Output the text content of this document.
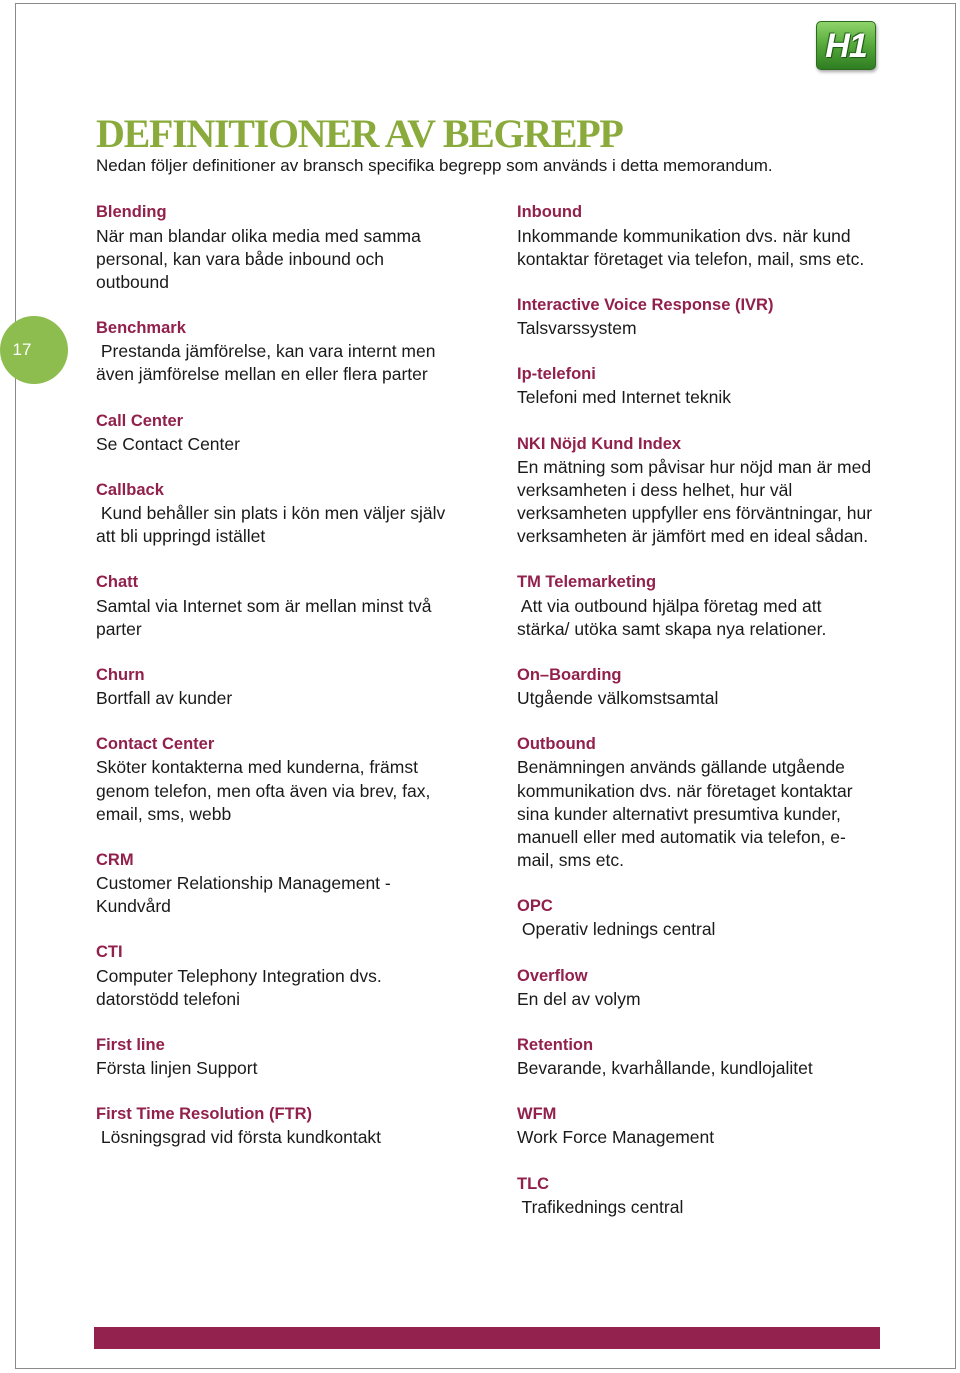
H1
17
DEFINITIONER AV BEGREPP
Nedan följer definitioner av bransch specifika begrepp som används i detta memorandum.
Blending
När man blandar olika media med samma
personal, kan vara både inbound och
outbound
Benchmark
Prestanda jämförelse, kan vara internt men
även jämförelse mellan en eller flera parter
Call Center
Se Contact Center
Callback
Kund behåller sin plats i kön men väljer själv
att bli uppringd istället
Chatt
Samtal via Internet som är mellan minst två
parter
Churn
Bortfall av kunder
Contact Center
Sköter kontakterna med kunderna, främst
genom telefon, men ofta även via brev, fax,
email, sms, webb
CRM
Customer Relationship Management -
Kundvård
CTI
Computer Telephony Integration dvs.
datorstödd telefoni
First line
Första linjen Support
First Time Resolution (FTR)
Lösningsgrad vid första kundkontakt
Inbound
Inkommande kommunikation dvs. när kund
kontaktar företaget via telefon, mail, sms etc.
Interactive Voice Response (IVR)
Talsvarssystem
Ip-telefoni
Telefoni med Internet teknik
NKI Nöjd Kund Index
En mätning som påvisar hur nöjd man är med
verksamheten i dess helhet, hur väl
verksamheten uppfyller ens förväntningar, hur
verksamheten är jämfört med en ideal sådan.
TM Telemarketing
Att via outbound hjälpa företag med att
stärka/ utöka samt skapa nya relationer.
On–Boarding
Utgående välkomstsamtal
Outbound
Benämningen används gällande utgående
kommunikation dvs. när företaget kontaktar
sina kunder alternativt presumtiva kunder,
manuell eller med automatik via telefon, e-
mail, sms etc.
OPC
Operativ lednings central
Overflow
En del av volym
Retention
Bevarande, kvarhållande, kundlojalitet
WFM
Work Force Management
TLC
Trafikednings central
